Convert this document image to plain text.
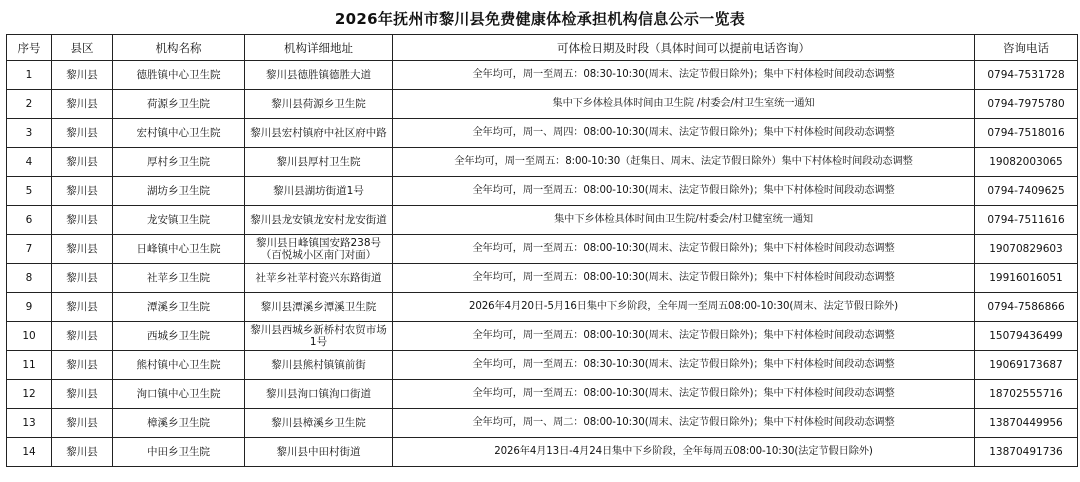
2026年抚州市黎川县免费健康体检承担机构信息公示一览表
序号	县区	机构名称	机构详细地址	可体检日期及时段（具体时间可以提前电话咨询）	咨询电话
1	黎川县	德胜镇中心卫生院	黎川县德胜镇德胜大道	全年均可，周一至周五：08:30-10:30(周末、法定节假日除外)；集中下村体检时间段动态调整	0794-7531728
2	黎川县	荷源乡卫生院	黎川县荷源乡卫生院	集中下乡体检具体时间由卫生院 /村委会/村卫生室统一通知	0794-7975780
3	黎川县	宏村镇中心卫生院	黎川县宏村镇府中社区府中路	全年均可，周一、周四：08:00-10:30(周末、法定节假日除外)；集中下村体检时间段动态调整	0794-7518016
4	黎川县	厚村乡卫生院	黎川县厚村卫生院	全年均可，周一至周五：8:00-10:30（赶集日、周末、法定节假日除外）集中下村体检时间段动态调整	19082003065
5	黎川县	湖坊乡卫生院	黎川县湖坊街道1号	全年均可，周一至周五：08:00-10:30(周末、法定节假日除外)；集中下村体检时间段动态调整	0794-7409625
6	黎川县	龙安镇卫生院	黎川县龙安镇龙安村龙安街道	集中下乡体检具体时间由卫生院/村委会/村卫健室统一通知	0794-7511616
7	黎川县	日峰镇中心卫生院	黎川县日峰镇国安路238号（百悦城小区南门对面）	全年均可，周一至周五：08:00-10:30(周末、法定节假日除外)；集中下村体检时间段动态调整	19070829603
8	黎川县	社苹乡卫生院	社苹乡社苹村瓷兴东路街道	全年均可，周一至周五：08:00-10:30(周末、法定节假日除外)；集中下村体检时间段动态调整	19916016051
9	黎川县	潭溪乡卫生院	黎川县潭溪乡潭溪卫生院	2026年4月20日-5月16日集中下乡阶段，全年周一至周五08:00-10:30(周末、法定节假日除外)	0794-7586866
10	黎川县	西城乡卫生院	黎川县西城乡新桥村农贸市场1号	全年均可，周一至周五：08:00-10:30(周末、法定节假日除外)；集中下村体检时间段动态调整	15079436499
11	黎川县	熊村镇中心卫生院	黎川县熊村镇镇前街	全年均可，周一至周五：08:30-10:30(周末、法定节假日除外)；集中下村体检时间段动态调整	19069173687
12	黎川县	洵口镇中心卫生院	黎川县洵口镇洵口街道	全年均可，周一至周五：08:00-10:30(周末、法定节假日除外)；集中下村体检时间段动态调整	18702555716
13	黎川县	樟溪乡卫生院	黎川县樟溪乡卫生院	全年均可，周一、周二：08:00-10:30(周末、法定节假日除外)；集中下村体检时间段动态调整	13870449956
14	黎川县	中田乡卫生院	黎川县中田村街道	2026年4月13日-4月24日集中下乡阶段，全年每周五08:00-10:30(法定节假日除外)	13870491736
